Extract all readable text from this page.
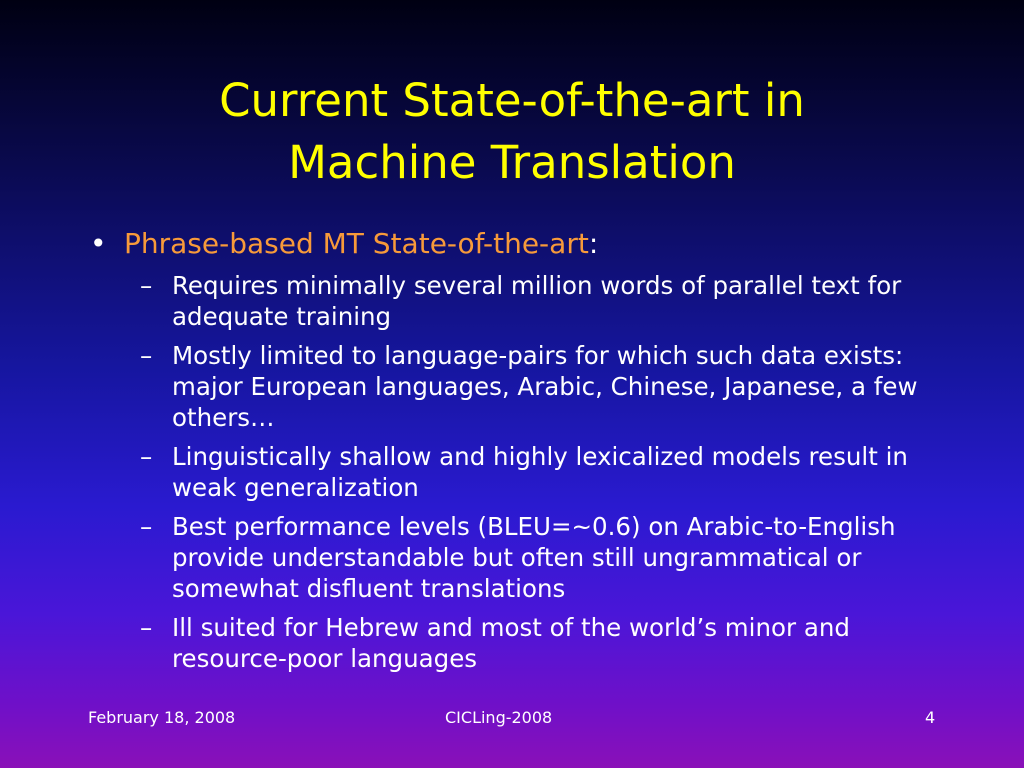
Current State-of-the-art in
Machine Translation
• Phrase-based MT State-of-the-art:
– Requires minimally several million words of parallel text for adequate training
– Mostly limited to language-pairs for which such data exists: major European languages, Arabic, Chinese, Japanese, a few others…
– Linguistically shallow and highly lexicalized models result in weak generalization
– Best performance levels (BLEU=~0.6) on Arabic-to-English provide understandable but often still ungrammatical or somewhat disfluent translations
– Ill suited for Hebrew and most of the world’s minor and resource-poor languages
February 18, 2008	CICLing-2008	4
